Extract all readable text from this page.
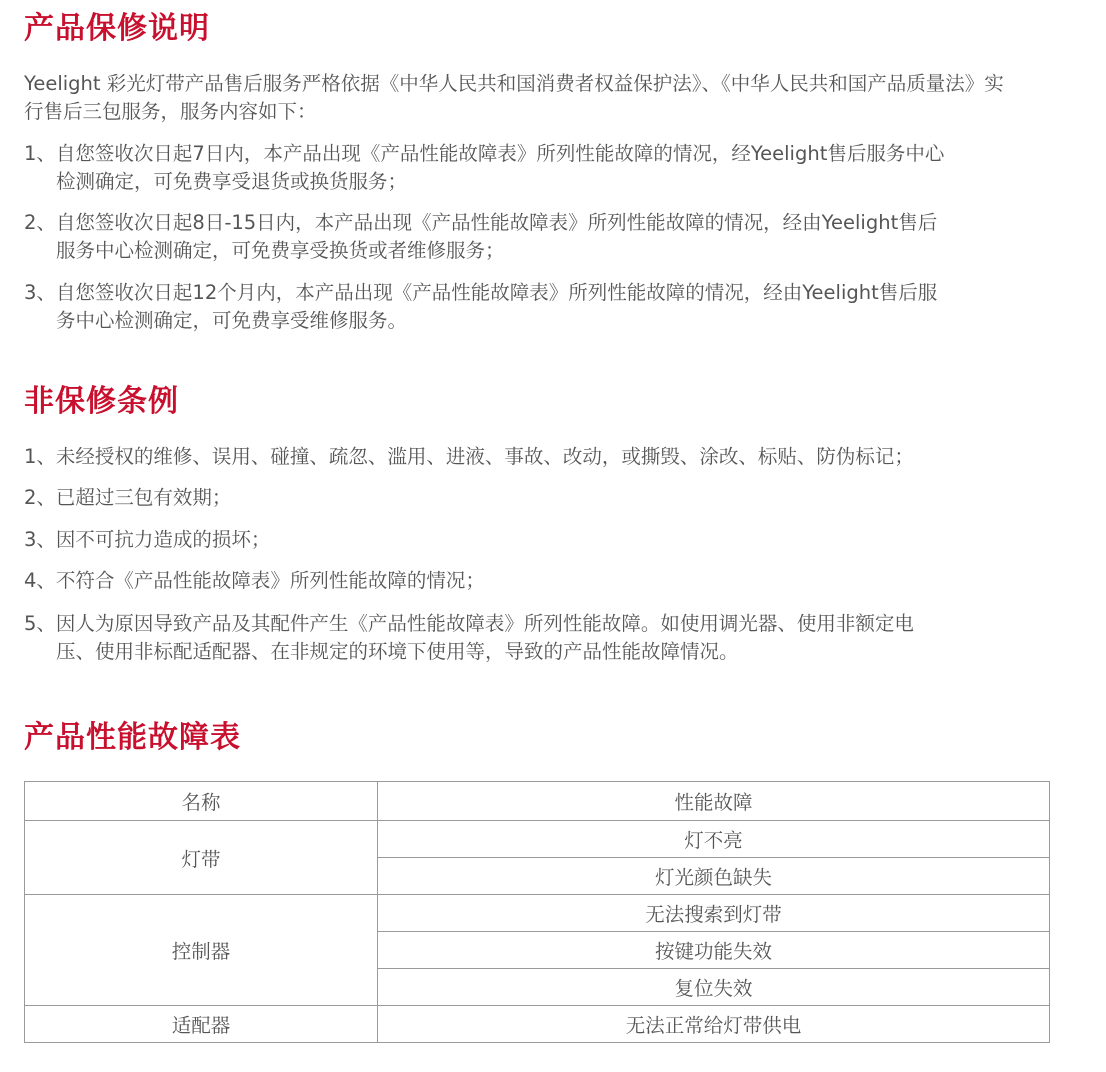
产品保修说明

Yeelight 彩光灯带产品售后服务严格依据《中华人民共和国消费者权益保护法》、《中华人民共和国产品质量法》实
行售后三包服务，服务内容如下：

1、自您签收次日起7日内，本产品出现《产品性能故障表》所列性能故障的情况，经Yeelight售后服务中心
检测确定，可免费享受退货或换货服务；
2、自您签收次日起8日-15日内，本产品出现《产品性能故障表》所列性能故障的情况，经由Yeelight售后
服务中心检测确定，可免费享受换货或者维修服务；
3、自您签收次日起12个月内，本产品出现《产品性能故障表》所列性能故障的情况，经由Yeelight售后服
务中心检测确定，可免费享受维修服务。
非保修条例
1、未经授权的维修、误用、碰撞、疏忽、滥用、进液、事故、改动，或撕毁、涂改、标贴、防伪标记；
2、已超过三包有效期；
3、因不可抗力造成的损坏；
4、不符合《产品性能故障表》所列性能故障的情况；
5、因人为原因导致产品及其配件产生《产品性能故障表》所列性能故障。如使用调光器、使用非额定电
压、使用非标配适配器、在非规定的环境下使用等，导致的产品性能故障情况。
产品性能故障表
名称	性能故障
灯带	灯不亮
	灯光颜色缺失
控制器	无法搜索到灯带
	按键功能失效
	复位失效
适配器	无法正常给灯带供电
